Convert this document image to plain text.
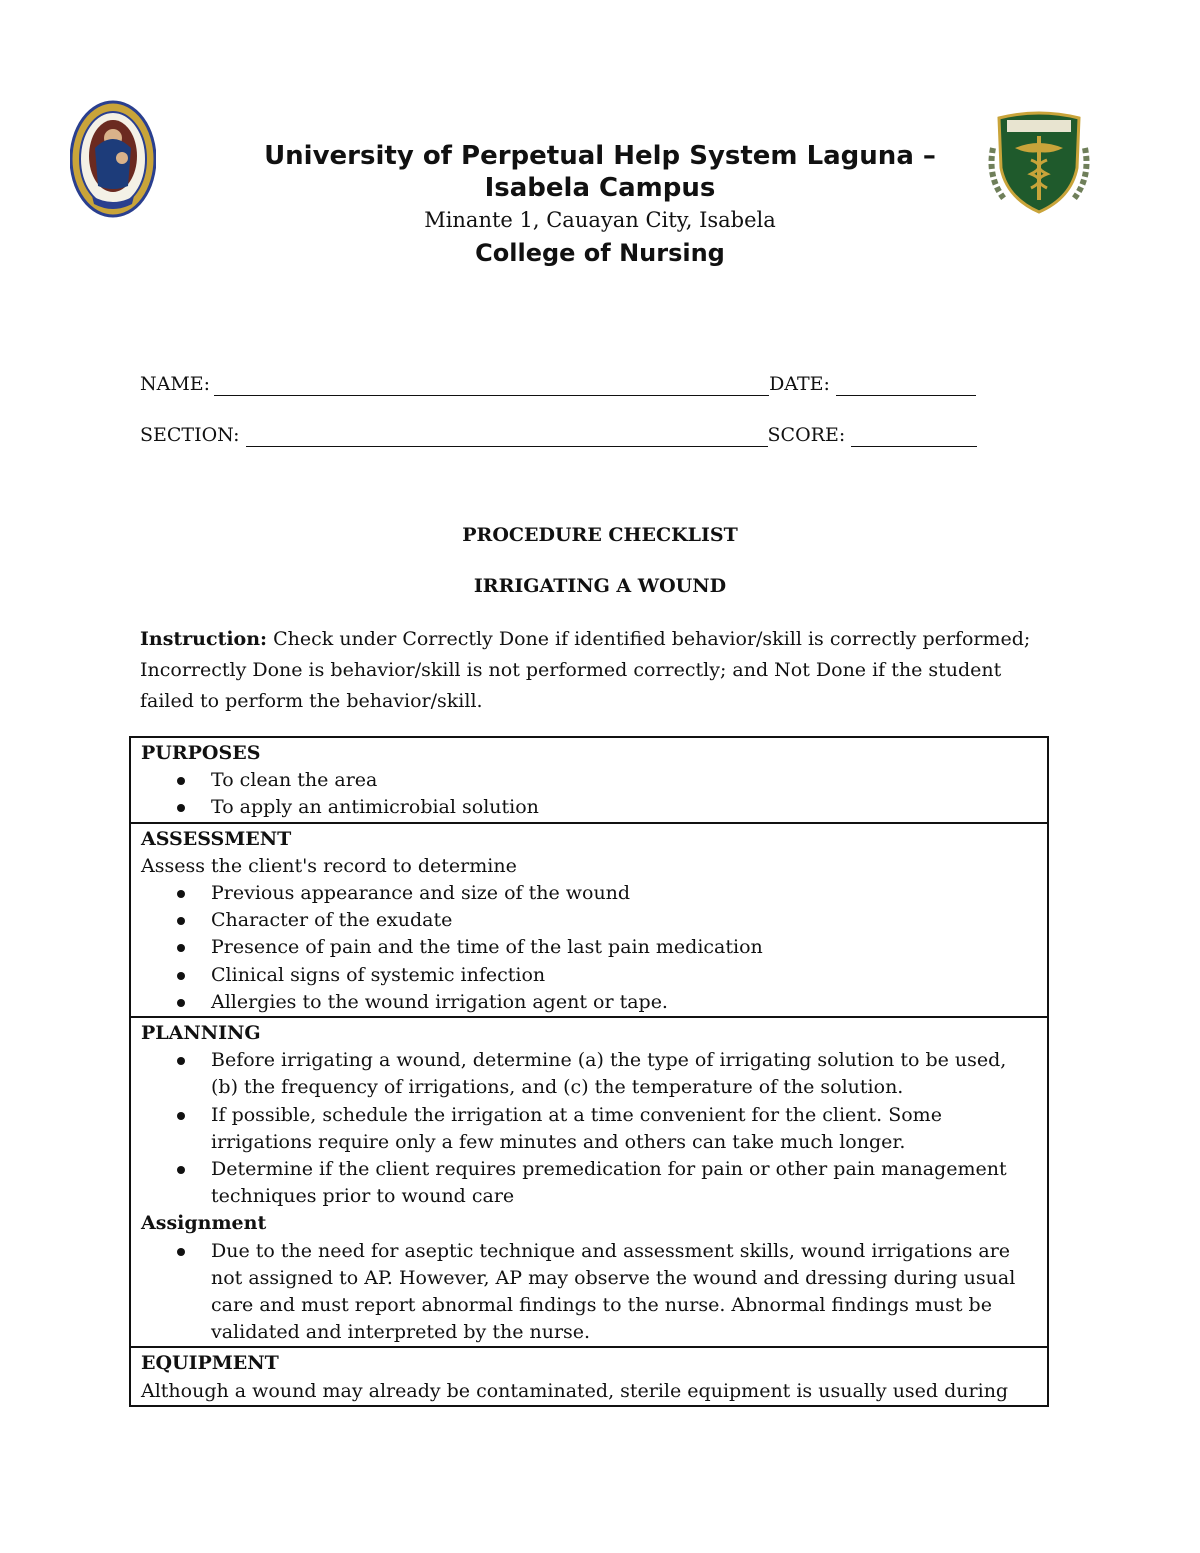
University of Perpetual Help System Laguna –
Isabela Campus
Minante 1, Cauayan City, Isabela
College of Nursing
NAME:	DATE:
SECTION:	SCORE:
PROCEDURE CHECKLIST
IRRIGATING A WOUND
Instruction: Check under Correctly Done if identified behavior/skill is correctly performed; Incorrectly Done is behavior/skill is not performed correctly; and Not Done if the student failed to perform the behavior/skill.
PURPOSES
To clean the area
To apply an antimicrobial solution
ASSESSMENT
Assess the client's record to determine
Previous appearance and size of the wound
Character of the exudate
Presence of pain and the time of the last pain medication
Clinical signs of systemic infection
Allergies to the wound irrigation agent or tape.
PLANNING
Before irrigating a wound, determine (a) the type of irrigating solution to be used, (b) the frequency of irrigations, and (c) the temperature of the solution.
If possible, schedule the irrigation at a time convenient for the client. Some irrigations require only a few minutes and others can take much longer.
Determine if the client requires premedication for pain or other pain management techniques prior to wound care
Assignment
Due to the need for aseptic technique and assessment skills, wound irrigations are not assigned to AP. However, AP may observe the wound and dressing during usual care and must report abnormal findings to the nurse. Abnormal findings must be validated and interpreted by the nurse.
EQUIPMENT
Although a wound may already be contaminated, sterile equipment is usually used during
